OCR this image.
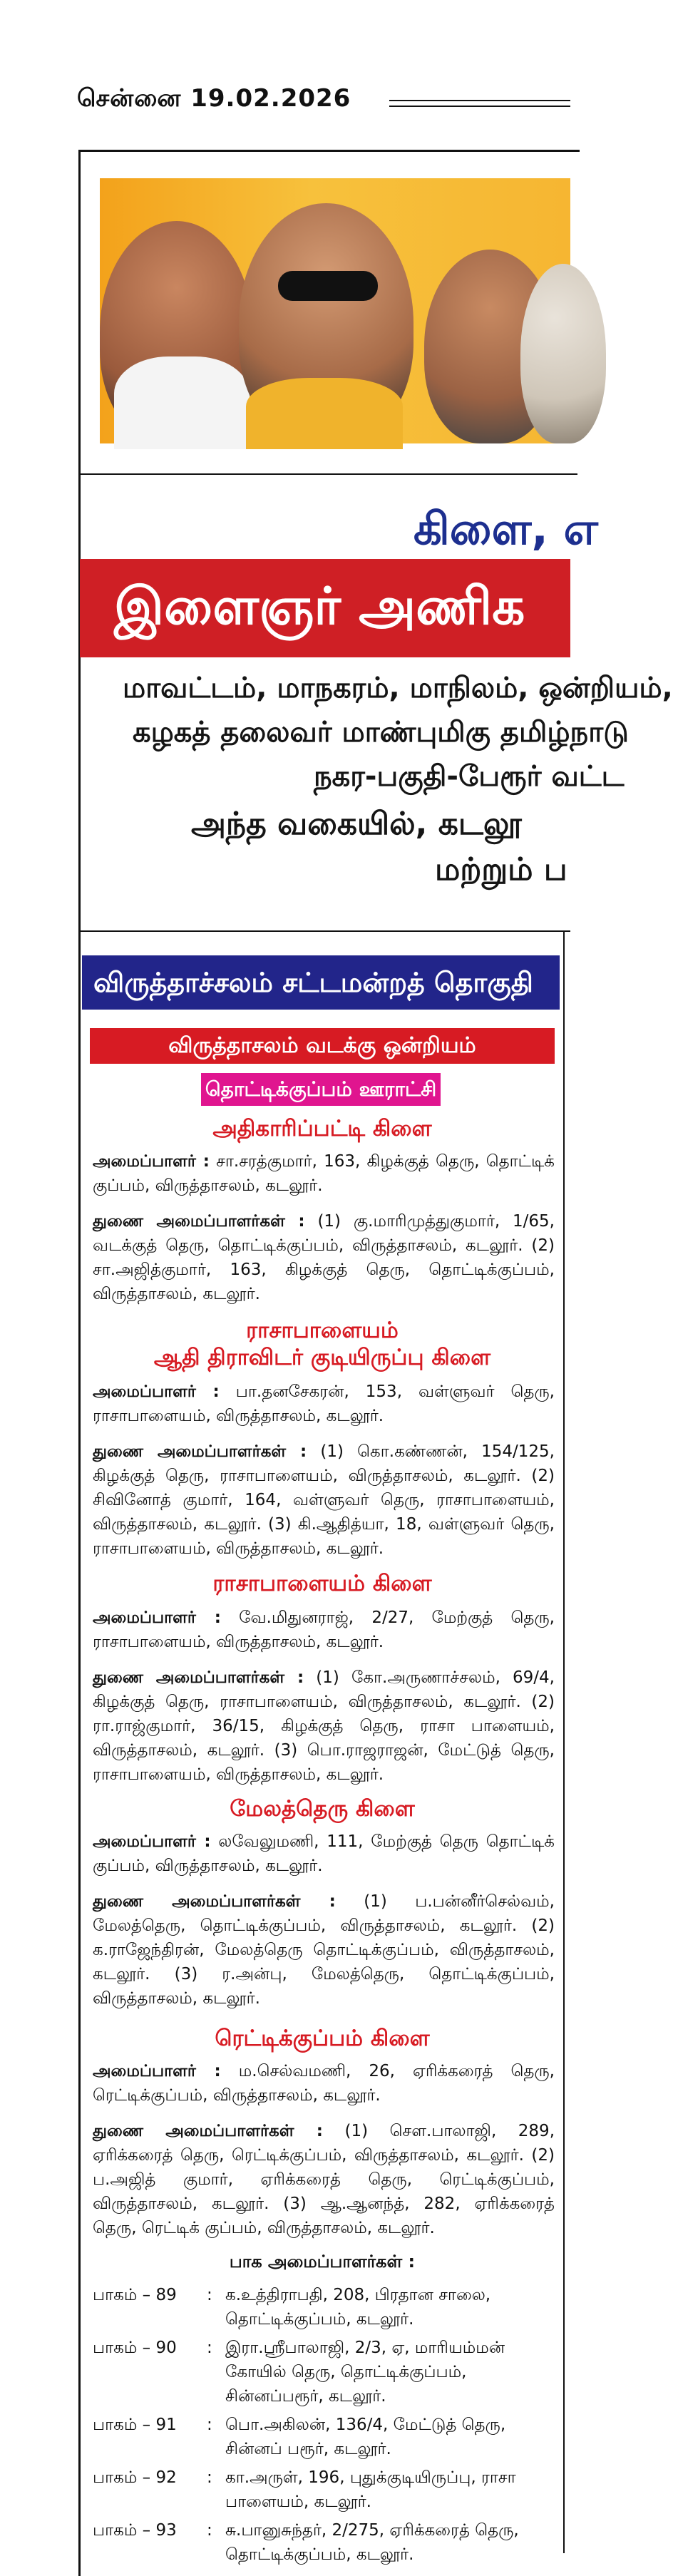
சென்னை 19.02.2026
கிளை, எ
இளைஞர் அணிக
மாவட்டம், மாநகரம், மாநிலம், ஒன்றியம்,
கழகத் தலைவர் மாண்புமிகு தமிழ்நாடு
நகர-பகுதி-பேரூர் வட்ட
அந்த வகையில், கடலூ
மற்றும் ப
விருத்தாச்சலம் சட்டமன்றத் தொகுதி
விருத்தாசலம் வடக்கு ஒன்றியம்
தொட்டிக்குப்பம் ஊராட்சி
அதிகாரிப்பட்டி கிளை
அமைப்பாளர் : சா.சரத்குமார், 163, கிழக்குத் தெரு, தொட்டிக் குப்பம், விருத்தாசலம், கடலூர்.
துணை அமைப்பாளர்கள் : (1) கு.மாரிமுத்துகுமார், 1/65, வடக்குத் தெரு, தொட்டிக்குப்பம், விருத்தாசலம், கடலூர். (2) சா.அஜித்குமார், 163, கிழக்குத் தெரு, தொட்டிக்குப்பம், விருத்தாசலம், கடலூர்.
ராசாபாளையம்
ஆதி திராவிடர் குடியிருப்பு கிளை
அமைப்பாளர் : பா.தனசேகரன், 153, வள்ளுவர் தெரு, ராசாபாளையம், விருத்தாசலம், கடலூர்.
துணை அமைப்பாளர்கள் : (1) கொ.கண்ணன், 154/125, கிழக்குத் தெரு, ராசாபாளையம், விருத்தாசலம், கடலூர். (2) சிவினோத் குமார், 164, வள்ளுவர் தெரு, ராசாபாளையம், விருத்தாசலம், கடலூர். (3) கி.ஆதித்யா, 18, வள்ளுவர் தெரு, ராசாபாளையம், விருத்தாசலம், கடலூர்.
ராசாபாளையம் கிளை
அமைப்பாளர் : வே.மிதுனராஜ், 2/27, மேற்குத் தெரு, ராசாபாளையம், விருத்தாசலம், கடலூர்.
துணை அமைப்பாளர்கள் : (1) கோ.அருணாச்சலம், 69/4, கிழக்குத் தெரு, ராசாபாளையம், விருத்தாசலம், கடலூர். (2) ரா.ராஜ்குமார், 36/15, கிழக்குத் தெரு, ராசா பாளையம், விருத்தாசலம், கடலூர். (3) பொ.ராஜராஜன், மேட்டுத் தெரு, ராசாபாளையம், விருத்தாசலம், கடலூர்.
மேலத்தெரு கிளை
அமைப்பாளர் : லவேலுமணி, 111, மேற்குத் தெரு தொட்டிக் குப்பம், விருத்தாசலம், கடலூர்.
துணை அமைப்பாளர்கள் : (1) ப.பன்னீர்செல்வம், மேலத்தெரு, தொட்டிக்குப்பம், விருத்தாசலம், கடலூர். (2) க.ராஜேந்திரன், மேலத்தெரு தொட்டிக்குப்பம், விருத்தாசலம், கடலூர். (3) ர.அன்பு, மேலத்தெரு, தொட்டிக்குப்பம், விருத்தாசலம், கடலூர்.
ரெட்டிக்குப்பம் கிளை
அமைப்பாளர் : ம.செல்வமணி, 26, ஏரிக்கரைத் தெரு, ரெட்டிக்குப்பம், விருத்தாசலம், கடலூர்.
துணை அமைப்பாளர்கள் : (1) செள.பாலாஜி, 289, ஏரிக்கரைத் தெரு, ரெட்டிக்குப்பம், விருத்தாசலம், கடலூர். (2) ப.அஜித் குமார், ஏரிக்கரைத் தெரு, ரெட்டிக்குப்பம், விருத்தாசலம், கடலூர். (3) ஆ.ஆனந்த், 282, ஏரிக்கரைத் தெரு, ரெட்டிக் குப்பம், விருத்தாசலம், கடலூர்.
பாக அமைப்பாளர்கள் :
பாகம் – 89	: க.உத்திராபதி, 208, பிரதான சாலை, தொட்டிக்குப்பம், கடலூர்.
பாகம் – 90	: இரா.ஸ்ரீபாலாஜி, 2/3, ஏ, மாரியம்மன் கோயில் தெரு, தொட்டிக்குப்பம், சின்னப்பரூர், கடலூர்.
பாகம் – 91	: பொ.அகிலன், 136/4, மேட்டுத் தெரு, சின்னப் பரூர், கடலூர்.
பாகம் – 92	: கா.அருள், 196, புதுக்குடியிருப்பு, ராசா பாளையம், கடலூர்.
பாகம் – 93	: சு.பானுசுந்தர், 2/275, ஏரிக்கரைத் தெரு, தொட்டிக்குப்பம், கடலூர்.
